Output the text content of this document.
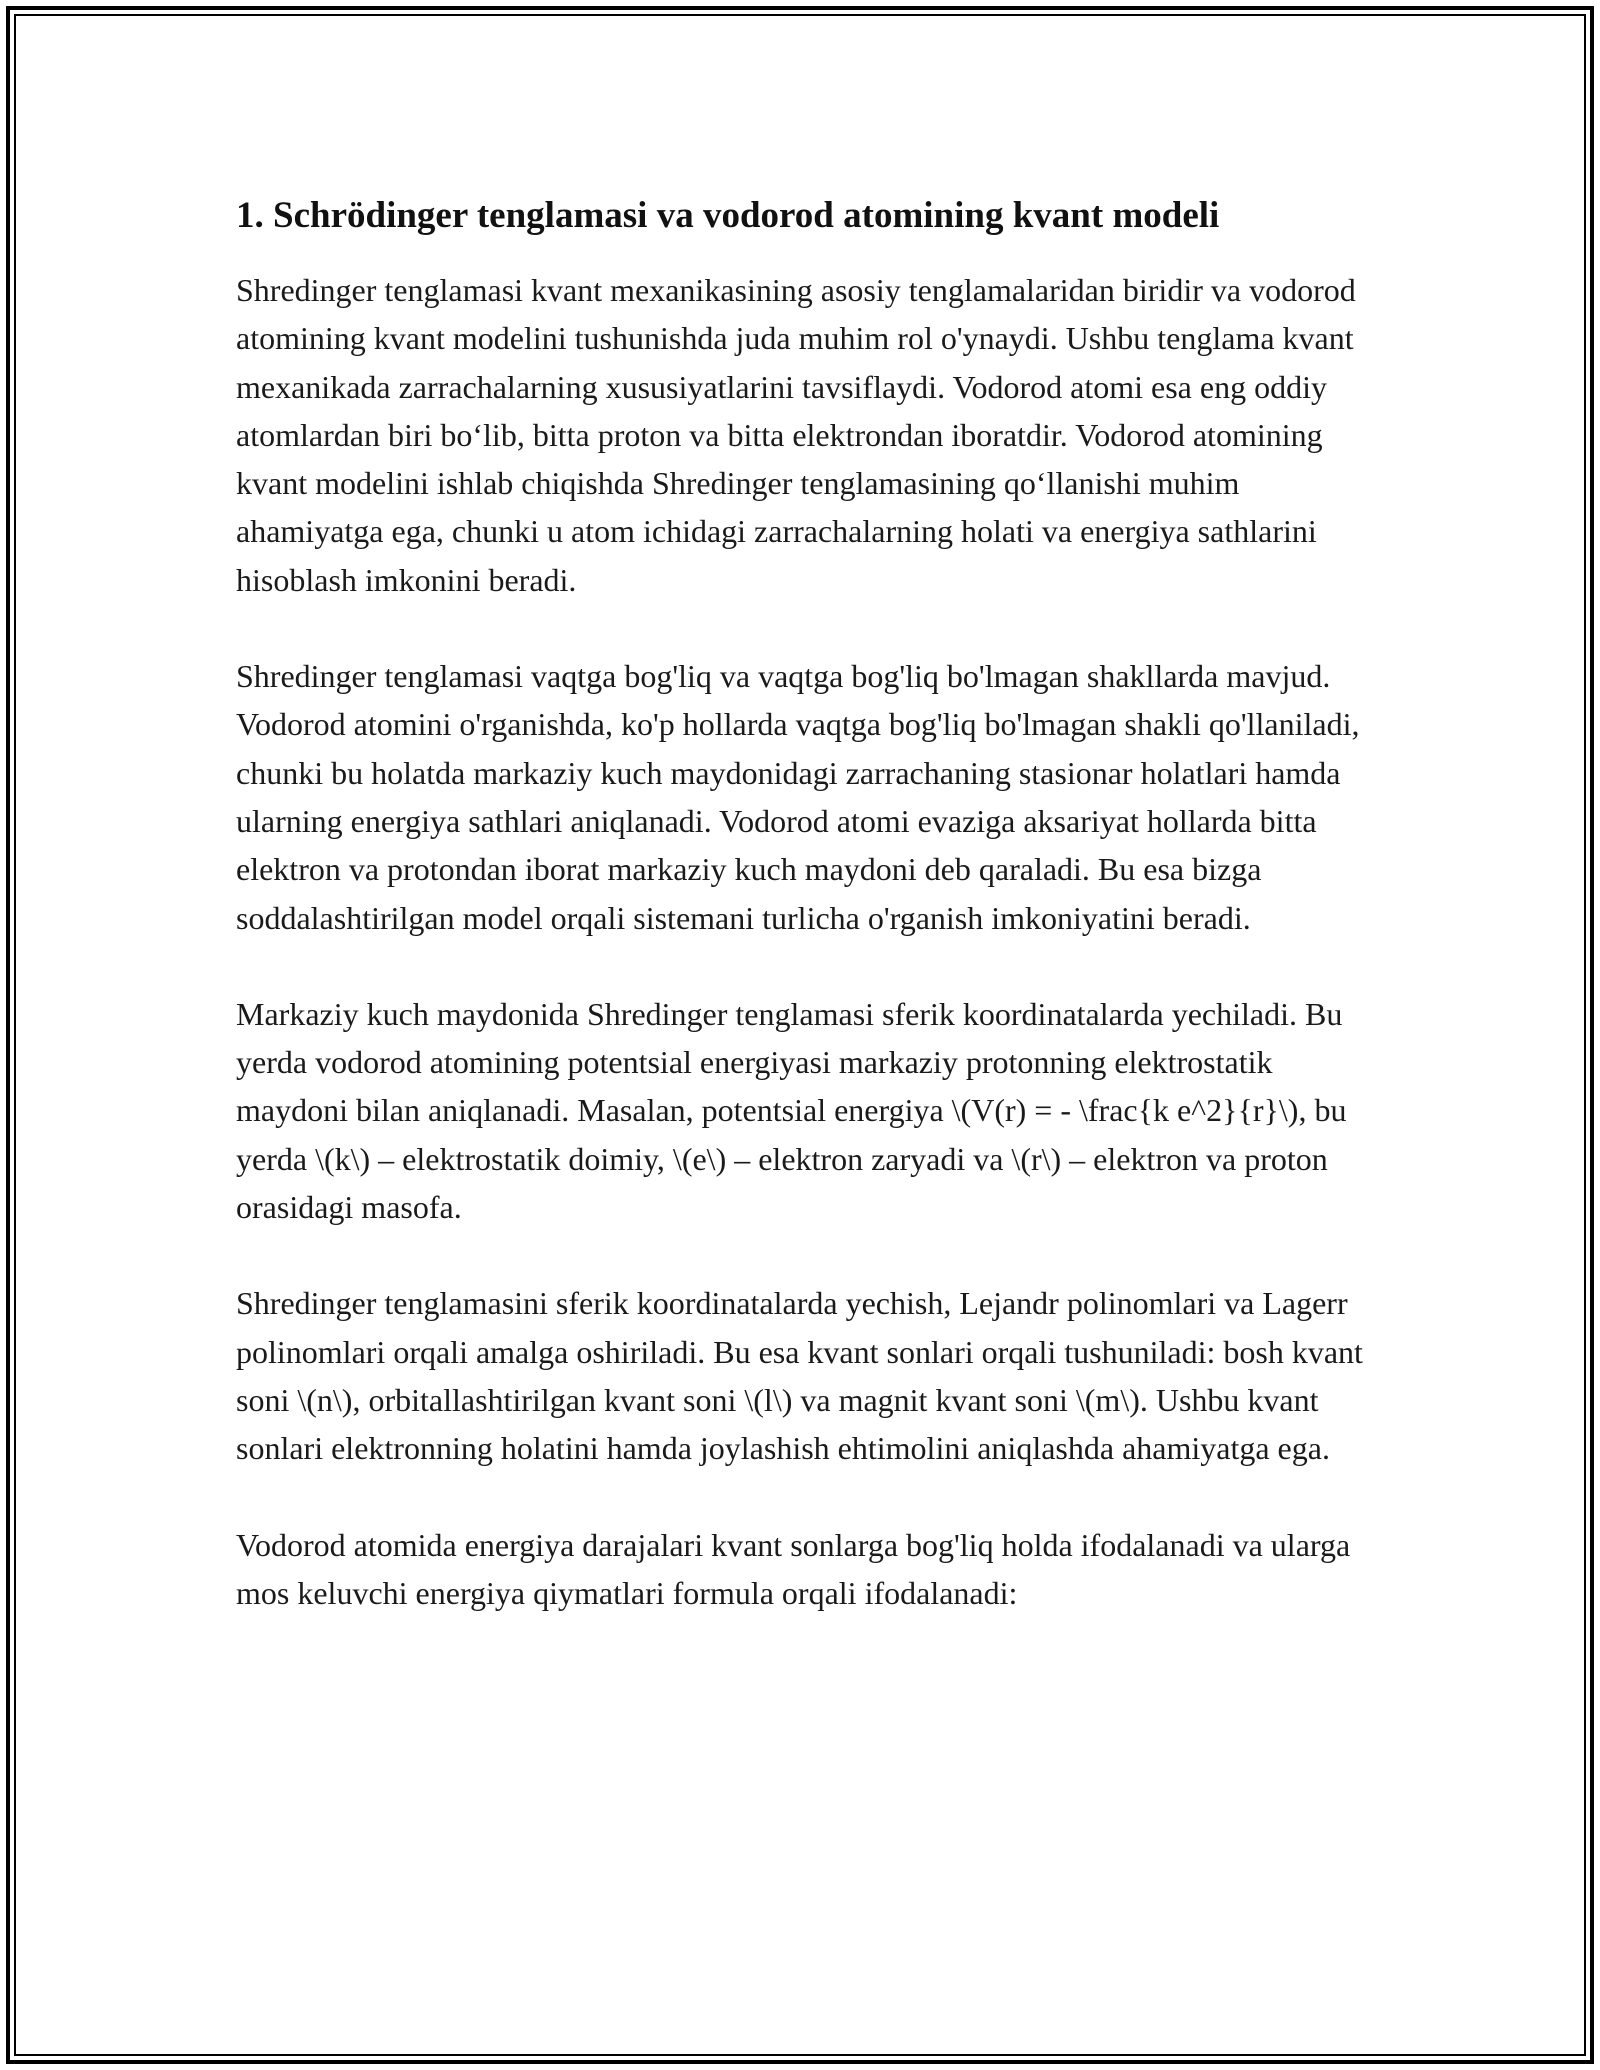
1. Schrödinger tenglamasi va vodorod atomining kvant modeli

Shredinger tenglamasi kvant mexanikasining asosiy tenglamalaridan biridir va vodorod atomining kvant modelini tushunishda juda muhim rol o'ynaydi. Ushbu tenglama kvant mexanikada zarrachalarning xususiyatlarini tavsiflaydi. Vodorod atomi esa eng oddiy atomlardan biri bo‘lib, bitta proton va bitta elektrondan iboratdir. Vodorod atomining kvant modelini ishlab chiqishda Shredinger tenglamasining qo‘llanishi muhim ahamiyatga ega, chunki u atom ichidagi zarrachalarning holati va energiya sathlarini hisoblash imkonini beradi.

Shredinger tenglamasi vaqtga bog'liq va vaqtga bog'liq bo'lmagan shakllarda mavjud. Vodorod atomini o'rganishda, ko'p hollarda vaqtga bog'liq bo'lmagan shakli qo'llaniladi, chunki bu holatda markaziy kuch maydonidagi zarrachaning stasionar holatlari hamda ularning energiya sathlari aniqlanadi. Vodorod atomi evaziga aksariyat hollarda bitta elektron va protondan iborat markaziy kuch maydoni deb qaraladi. Bu esa bizga soddalashtirilgan model orqali sistemani turlicha o'rganish imkoniyatini beradi.

Markaziy kuch maydonida Shredinger tenglamasi sferik koordinatalarda yechiladi. Bu yerda vodorod atomining potentsial energiyasi markaziy protonning elektrostatik maydoni bilan aniqlanadi. Masalan, potentsial energiya \(V(r) = - \frac{k e^2}{r}\), bu yerda \(k\) – elektrostatik doimiy, \(e\) – elektron zaryadi va \(r\) – elektron va proton orasidagi masofa.

Shredinger tenglamasini sferik koordinatalarda yechish, Lejandr polinomlari va Lagerr polinomlari orqali amalga oshiriladi. Bu esa kvant sonlari orqali tushuniladi: bosh kvant soni \(n\), orbitallashtirilgan kvant soni \(l\) va magnit kvant soni \(m\). Ushbu kvant sonlari elektronning holatini hamda joylashish ehtimolini aniqlashda ahamiyatga ega.

Vodorod atomida energiya darajalari kvant sonlarga bog'liq holda ifodalanadi va ularga mos keluvchi energiya qiymatlari formula orqali ifodalanadi:
